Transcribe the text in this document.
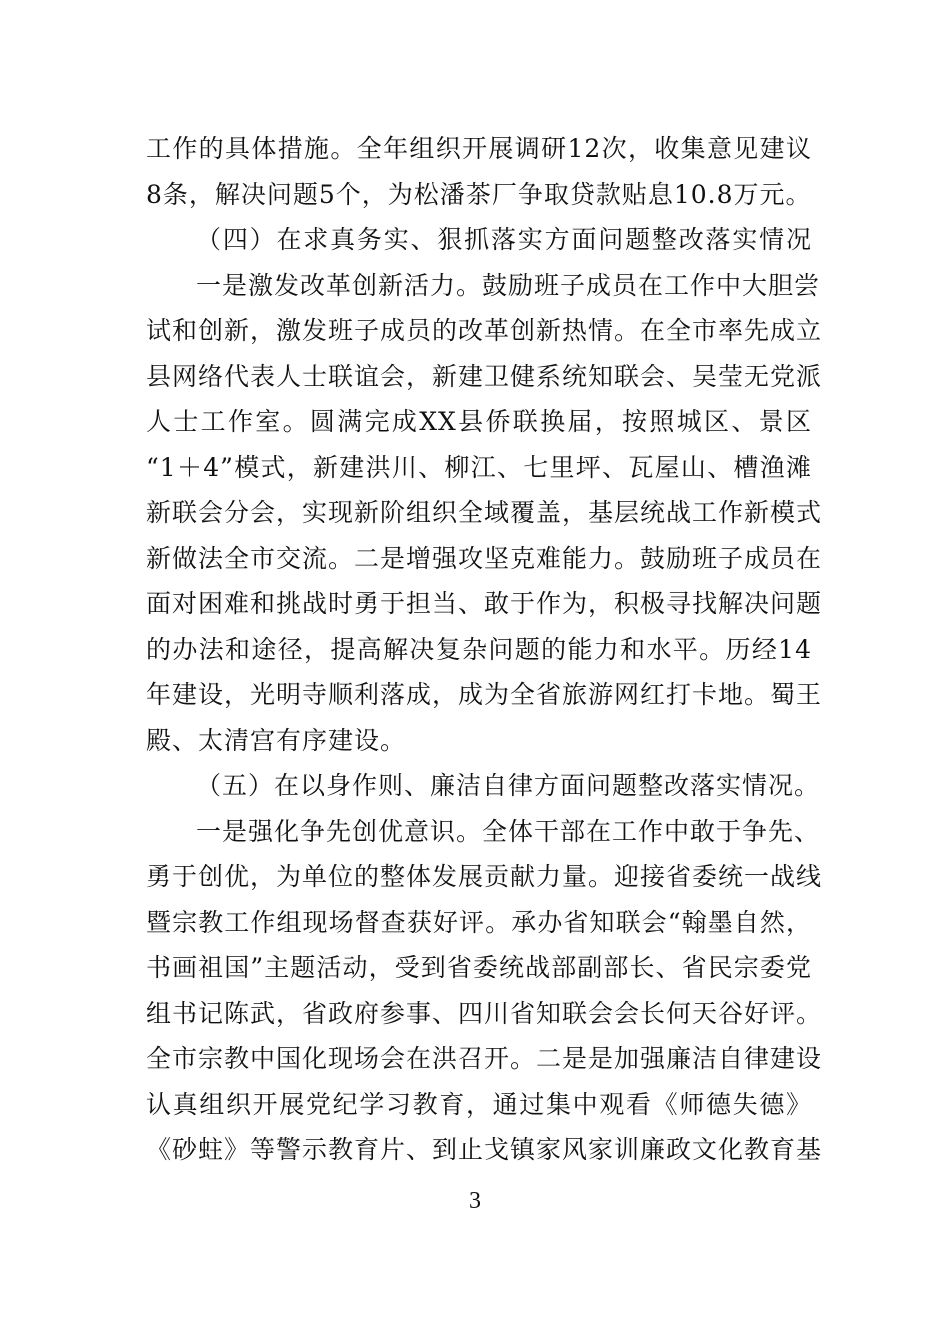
工作的具体措施。全年组织开展调研12次，收集意见建议
8条，解决问题5个，为松潘茶厂争取贷款贴息10.8万元。
（四）在求真务实、狠抓落实方面问题整改落实情况
一是激发改革创新活力。鼓励班子成员在工作中大胆尝
试和创新，激发班子成员的改革创新热情。在全市率先成立
县网络代表人士联谊会，新建卫健系统知联会、吴莹无党派
人士工作室。圆满完成XX县侨联换届，按照城区、景区
“1＋4”模式，新建洪川、柳江、七里坪、瓦屋山、槽渔滩
新联会分会，实现新阶组织全域覆盖，基层统战工作新模式
新做法全市交流。二是增强攻坚克难能力。鼓励班子成员在
面对困难和挑战时勇于担当、敢于作为，积极寻找解决问题
的办法和途径，提高解决复杂问题的能力和水平。历经14
年建设，光明寺顺利落成，成为全省旅游网红打卡地。蜀王
殿、太清宫有序建设。
（五）在以身作则、廉洁自律方面问题整改落实情况。
一是强化争先创优意识。全体干部在工作中敢于争先、
勇于创优，为单位的整体发展贡献力量。迎接省委统一战线
暨宗教工作组现场督查获好评。承办省知联会“翰墨自然，
书画祖国”主题活动，受到省委统战部副部长、省民宗委党
组书记陈武，省政府参事、四川省知联会会长何天谷好评。
全市宗教中国化现场会在洪召开。二是是加强廉洁自律建设
认真组织开展党纪学习教育，通过集中观看《师德失德》
《砂蛀》等警示教育片、到止戈镇家风家训廉政文化教育基
3
